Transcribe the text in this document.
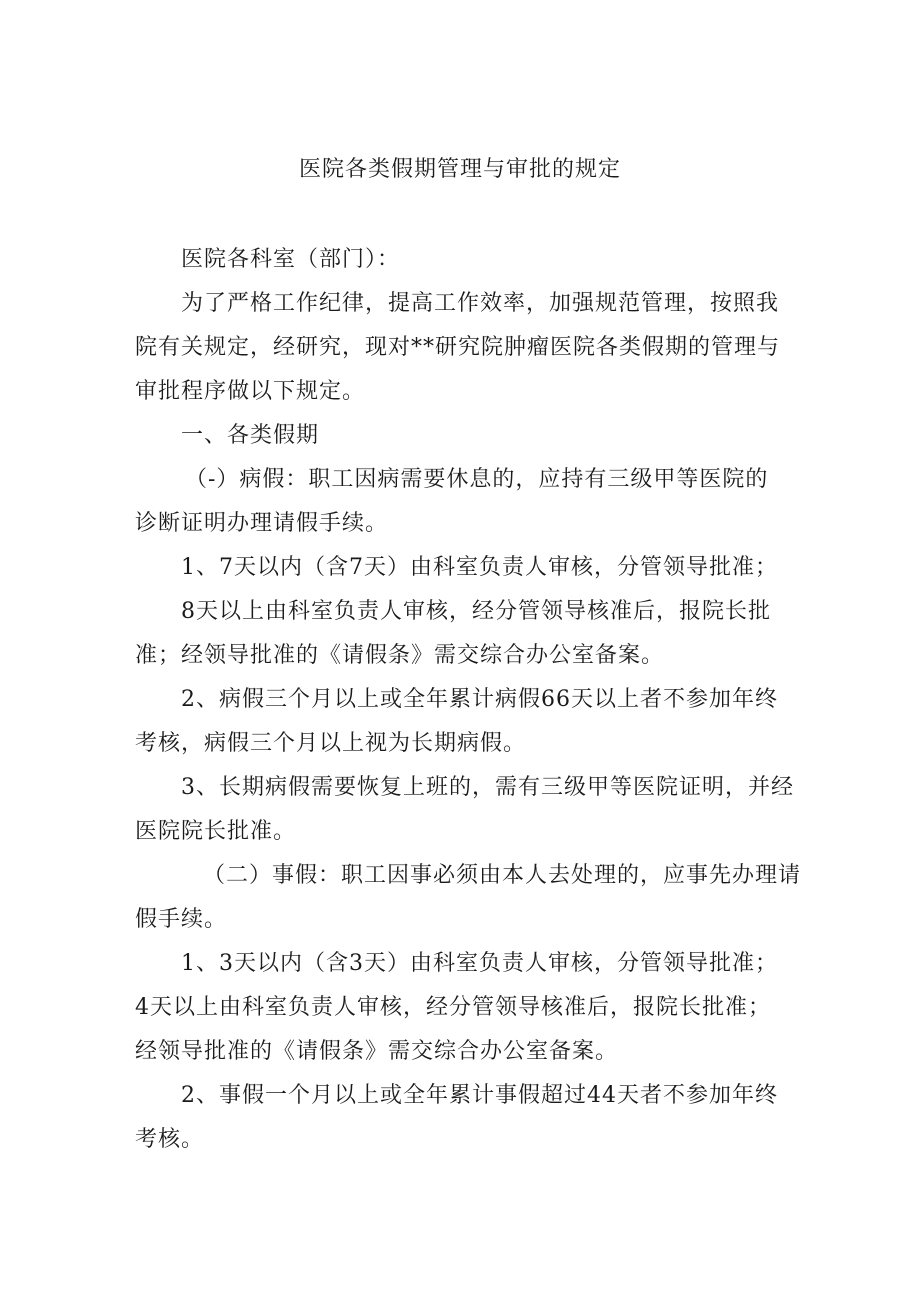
医院各类假期管理与审批的规定
医院各科室（部门）：
为了严格工作纪律，提高工作效率，加强规范管理，按照我
院有关规定，经研究，现对**研究院肿瘤医院各类假期的管理与
审批程序做以下规定。
一、各类假期
（-）病假：职工因病需要休息的，应持有三级甲等医院的
诊断证明办理请假手续。
1、7天以内（含7天）由科室负责人审核，分管领导批准；
8天以上由科室负责人审核，经分管领导核准后，报院长批
准；经领导批准的《请假条》需交综合办公室备案。
2、病假三个月以上或全年累计病假66天以上者不参加年终
考核，病假三个月以上视为长期病假。
3、长期病假需要恢复上班的，需有三级甲等医院证明，并经
医院院长批准。
（二）事假：职工因事必须由本人去处理的，应事先办理请
假手续。
1、3天以内（含3天）由科室负责人审核，分管领导批准；
4天以上由科室负责人审核，经分管领导核准后，报院长批准；
经领导批准的《请假条》需交综合办公室备案。
2、事假一个月以上或全年累计事假超过44天者不参加年终
考核。
